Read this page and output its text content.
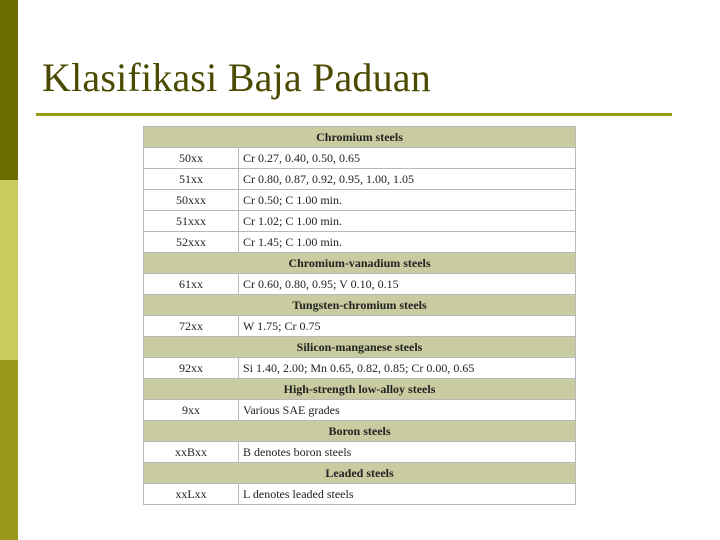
Klasifikasi Baja Paduan
Chromium steels	
50xx	Cr 0.27, 0.40, 0.50, 0.65
51xx	Cr 0.80, 0.87, 0.92, 0.95, 1.00, 1.05
50xxx	Cr 0.50; C 1.00 min.
51xxx	Cr 1.02; C 1.00 min.
52xxx	Cr 1.45; C 1.00 min.
Chromium-vanadium steels	
61xx	Cr 0.60, 0.80, 0.95; V 0.10, 0.15
Tungsten-chromium steels	
72xx	W 1.75; Cr 0.75
Silicon-manganese steels	
92xx	Si 1.40, 2.00; Mn 0.65, 0.82, 0.85; Cr 0.00, 0.65
High-strength low-alloy steels	
9xx	Various SAE grades
Boron steels	
xxBxx	B denotes boron steels
Leaded steels	
xxLxx	L denotes leaded steels
